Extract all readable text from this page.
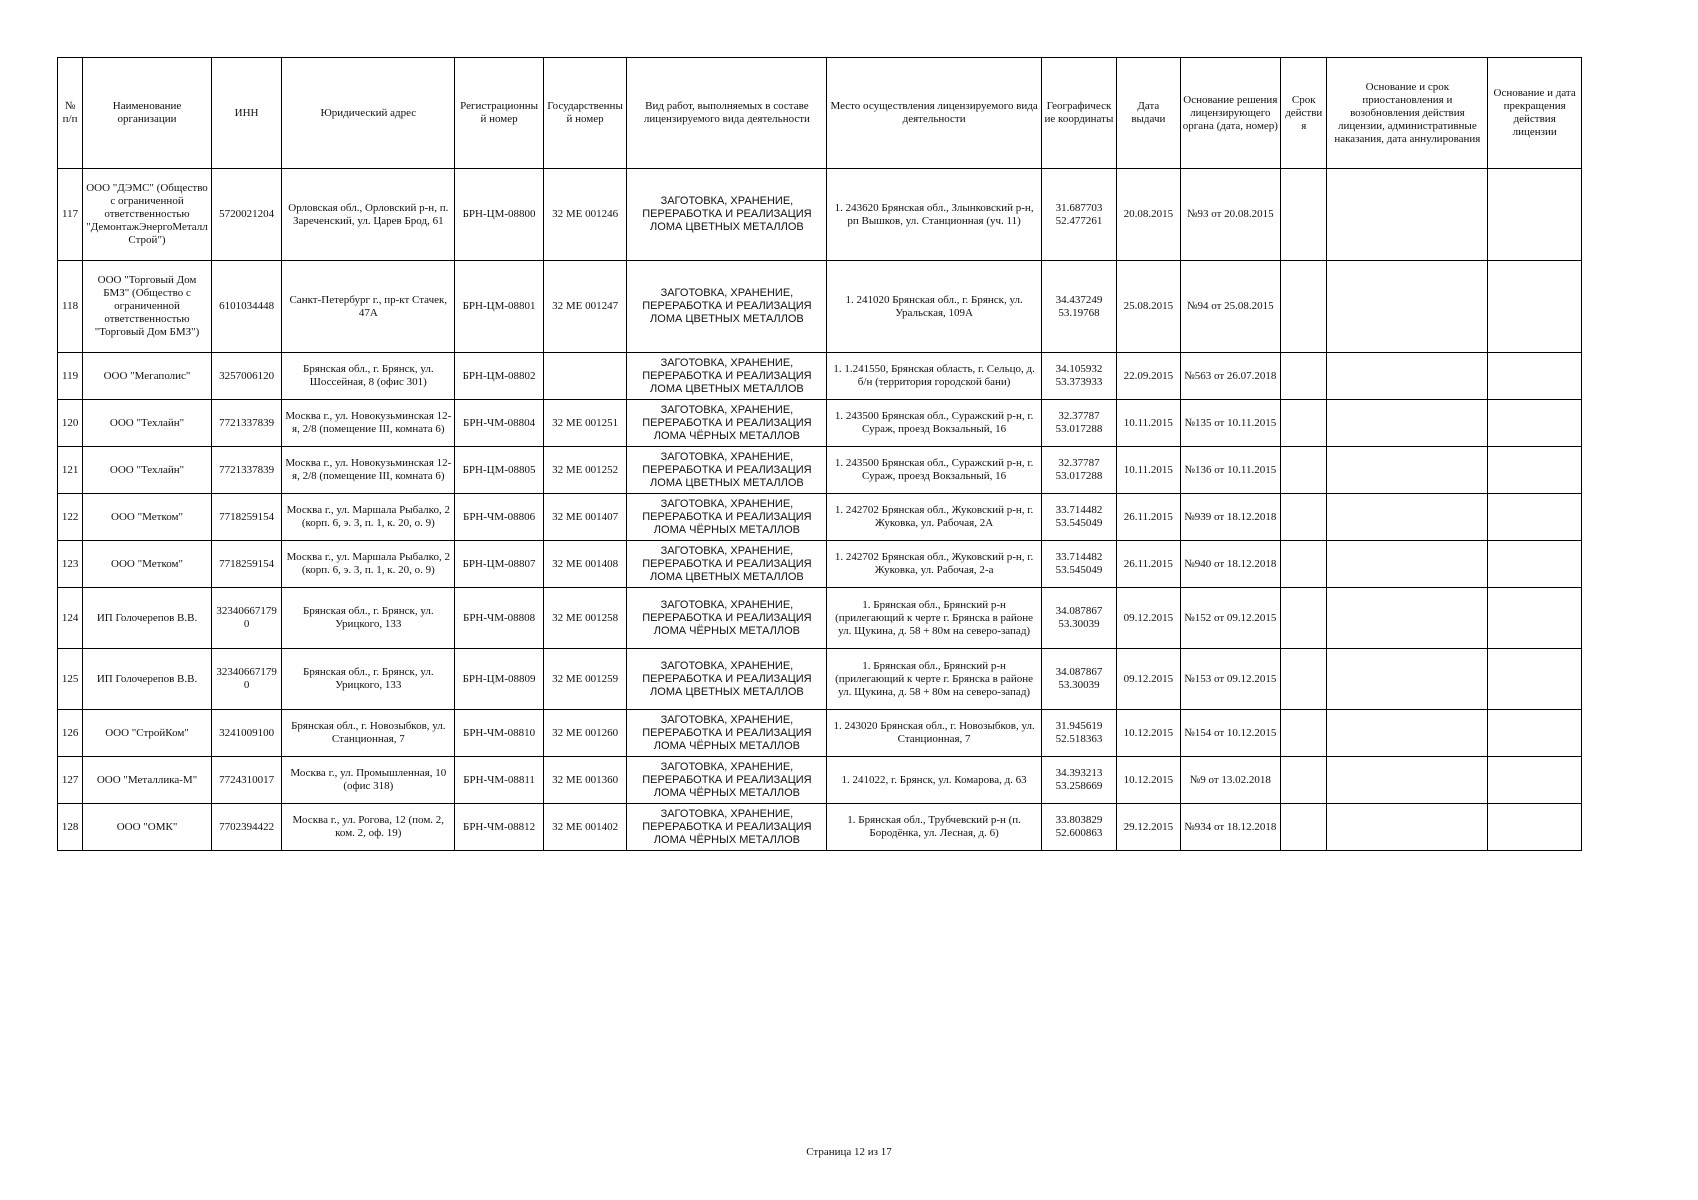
№ п/п	Наименование организации	ИНН	Юридический адрес	Регистрационный номер	Государственный номер	Вид работ, выполняемых в составе лицензируемого вида деятельности	Место осуществления лицензируемого вида деятельности	Географические координаты	Дата выдачи	Основание решения лицензирующего органа (дата, номер)	Срок действия	Основание и срок приостановления и возобновления действия лицензии, административные наказания, дата аннулирования	Основание и дата прекращения действия лицензии
117	ООО "ДЭМС" (Общество с ограниченной ответственностью "ДемонтажЭнергоМеталлСтрой")	5720021204	Орловская обл., Орловский р-н, п. Зареченский, ул. Царев Брод, 61	БРН-ЦМ-08800	32 МЕ 001246	ЗАГОТОВКА, ХРАНЕНИЕ, ПЕРЕРАБОТКА И РЕАЛИЗАЦИЯ ЛОМА ЦВЕТНЫХ МЕТАЛЛОВ	1. 243620 Брянская обл., Злынковский р-н, рп Вышков, ул. Станционная (уч. 11)	31.687703 52.477261	20.08.2015	№93 от 20.08.2015			
118	ООО "Торговый Дом БМЗ" (Общество с ограниченной ответственностью "Торговый Дом БМЗ")	6101034448	Санкт-Петербург г., пр-кт Стачек, 47А	БРН-ЦМ-08801	32 МЕ 001247	ЗАГОТОВКА, ХРАНЕНИЕ, ПЕРЕРАБОТКА И РЕАЛИЗАЦИЯ ЛОМА ЦВЕТНЫХ МЕТАЛЛОВ	1. 241020 Брянская обл., г. Брянск, ул. Уральская, 109А	34.437249 53.19768	25.08.2015	№94 от 25.08.2015			
119	ООО "Мегаполис"	3257006120	Брянская обл., г. Брянск, ул. Шоссейная, 8 (офис 301)	БРН-ЦМ-08802		ЗАГОТОВКА, ХРАНЕНИЕ, ПЕРЕРАБОТКА И РЕАЛИЗАЦИЯ ЛОМА ЦВЕТНЫХ МЕТАЛЛОВ	1. 1.241550, Брянская область, г. Сельцо, д. б/н (территория городской бани)	34.105932 53.373933	22.09.2015	№563 от 26.07.2018			
120	ООО "Техлайн"	7721337839	Москва г., ул. Новокузьминская 12-я, 2/8 (помещение III, комната 6)	БРН-ЧМ-08804	32 МЕ 001251	ЗАГОТОВКА, ХРАНЕНИЕ, ПЕРЕРАБОТКА И РЕАЛИЗАЦИЯ ЛОМА ЧЁРНЫХ МЕТАЛЛОВ	1. 243500 Брянская обл., Суражский р-н, г. Сураж, проезд Вокзальный, 16	32.37787 53.017288	10.11.2015	№135 от 10.11.2015			
121	ООО "Техлайн"	7721337839	Москва г., ул. Новокузьминская 12-я, 2/8 (помещение III, комната 6)	БРН-ЦМ-08805	32 МЕ 001252	ЗАГОТОВКА, ХРАНЕНИЕ, ПЕРЕРАБОТКА И РЕАЛИЗАЦИЯ ЛОМА ЦВЕТНЫХ МЕТАЛЛОВ	1. 243500 Брянская обл., Суражский р-н, г. Сураж, проезд Вокзальный, 16	32.37787 53.017288	10.11.2015	№136 от 10.11.2015			
122	ООО "Метком"	7718259154	Москва г., ул. Маршала Рыбалко, 2 (корп. 6, э. 3, п. 1, к. 20, о. 9)	БРН-ЧМ-08806	32 МЕ 001407	ЗАГОТОВКА, ХРАНЕНИЕ, ПЕРЕРАБОТКА И РЕАЛИЗАЦИЯ ЛОМА ЧЁРНЫХ МЕТАЛЛОВ	1. 242702 Брянская обл., Жуковский р-н, г. Жуковка, ул. Рабочая, 2А	33.714482 53.545049	26.11.2015	№939 от 18.12.2018			
123	ООО "Метком"	7718259154	Москва г., ул. Маршала Рыбалко, 2 (корп. 6, э. 3, п. 1, к. 20, о. 9)	БРН-ЦМ-08807	32 МЕ 001408	ЗАГОТОВКА, ХРАНЕНИЕ, ПЕРЕРАБОТКА И РЕАЛИЗАЦИЯ ЛОМА ЦВЕТНЫХ МЕТАЛЛОВ	1. 242702 Брянская обл., Жуковский р-н, г. Жуковка, ул. Рабочая, 2-а	33.714482 53.545049	26.11.2015	№940 от 18.12.2018			
124	ИП Голочерепов В.В.	323406671790	Брянская обл., г. Брянск, ул. Урицкого, 133	БРН-ЧМ-08808	32 МЕ 001258	ЗАГОТОВКА, ХРАНЕНИЕ, ПЕРЕРАБОТКА И РЕАЛИЗАЦИЯ ЛОМА ЧЁРНЫХ МЕТАЛЛОВ	1. Брянская обл., Брянский р-н (прилегающий к черте г. Брянска в районе ул. Щукина, д. 58 + 80м на северо-запад)	34.087867 53.30039	09.12.2015	№152 от 09.12.2015			
125	ИП Голочерепов В.В.	323406671790	Брянская обл., г. Брянск, ул. Урицкого, 133	БРН-ЦМ-08809	32 МЕ 001259	ЗАГОТОВКА, ХРАНЕНИЕ, ПЕРЕРАБОТКА И РЕАЛИЗАЦИЯ ЛОМА ЦВЕТНЫХ МЕТАЛЛОВ	1. Брянская обл., Брянский р-н (прилегающий к черте г. Брянска в районе ул. Щукина, д. 58 + 80м на северо-запад)	34.087867 53.30039	09.12.2015	№153 от 09.12.2015			
126	ООО "СтройКом"	3241009100	Брянская обл., г. Новозыбков, ул. Станционная, 7	БРН-ЧМ-08810	32 МЕ 001260	ЗАГОТОВКА, ХРАНЕНИЕ, ПЕРЕРАБОТКА И РЕАЛИЗАЦИЯ ЛОМА ЧЁРНЫХ МЕТАЛЛОВ	1. 243020 Брянская обл., г. Новозыбков, ул. Станционная, 7	31.945619 52.518363	10.12.2015	№154 от 10.12.2015			
127	ООО "Металлика-М"	7724310017	Москва г., ул. Промышленная, 10 (офис 318)	БРН-ЧМ-08811	32 МЕ 001360	ЗАГОТОВКА, ХРАНЕНИЕ, ПЕРЕРАБОТКА И РЕАЛИЗАЦИЯ ЛОМА ЧЁРНЫХ МЕТАЛЛОВ	1. 241022, г. Брянск, ул. Комарова, д. 63	34.393213 53.258669	10.12.2015	№9 от 13.02.2018			
128	ООО "ОМК"	7702394422	Москва г., ул. Рогова, 12 (пом. 2, ком. 2, оф. 19)	БРН-ЧМ-08812	32 МЕ 001402	ЗАГОТОВКА, ХРАНЕНИЕ, ПЕРЕРАБОТКА И РЕАЛИЗАЦИЯ ЛОМА ЧЁРНЫХ МЕТАЛЛОВ	1. Брянская обл., Трубчевский р-н (п. Бородёнка, ул. Лесная, д. 6)	33.803829 52.600863	29.12.2015	№934 от 18.12.2018			
Страница 12 из 17
